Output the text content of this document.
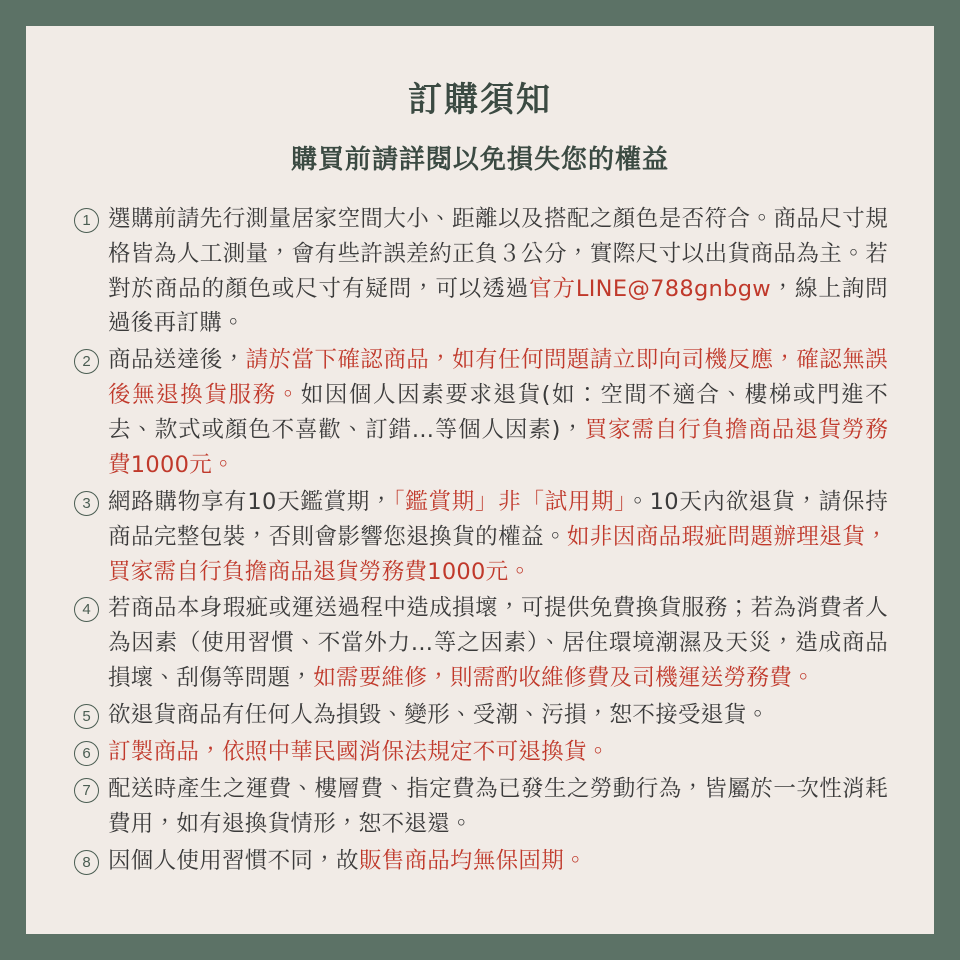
訂購須知
購買前請詳閱以免損失您的權益
1 選購前請先行測量居家空間大小、距離以及搭配之顏色是否符合。商品尺寸規格皆為人工測量，會有些許誤差約正負３公分，實際尺寸以出貨商品為主。若對於商品的顏色或尺寸有疑問，可以透過官方LINE@788gnbgw，線上詢問過後再訂購。
2 商品送達後，請於當下確認商品，如有任何問題請立即向司機反應，確認無誤後無退換貨服務。如因個人因素要求退貨(如：空間不適合、樓梯或門進不去、款式或顏色不喜歡、訂錯...等個人因素)，買家需自行負擔商品退貨勞務費1000元。
3 網路購物享有10天鑑賞期，「鑑賞期」非「試用期」。10天內欲退貨，請保持商品完整包裝，否則會影響您退換貨的權益。如非因商品瑕疵問題辦理退貨，買家需自行負擔商品退貨勞務費1000元。
4 若商品本身瑕疵或運送過程中造成損壞，可提供免費換貨服務；若為消費者人為因素（使用習慣、不當外力...等之因素）、居住環境潮濕及天災，造成商品損壞、刮傷等問題，如需要維修，則需酌收維修費及司機運送勞務費。
5 欲退貨商品有任何人為損毀、變形、受潮、污損，恕不接受退貨。
6 訂製商品，依照中華民國消保法規定不可退換貨。
7 配送時產生之運費、樓層費、指定費為已發生之勞動行為，皆屬於一次性消耗費用，如有退換貨情形，恕不退還。
8 因個人使用習慣不同，故販售商品均無保固期。
